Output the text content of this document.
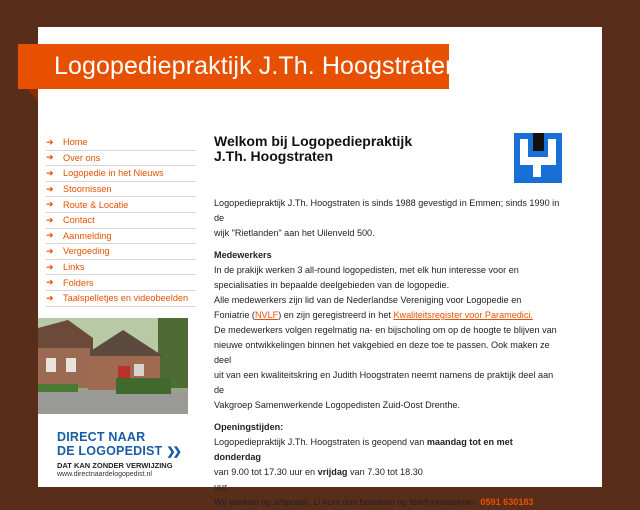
Logopediepraktijk J.Th. Hoogstraten
➜	Home
➜	Over ons
➜	Logopedie in het Nieuws
➜	Stoornissen
➜	Route & Locatie
➜	Contact
➜	Aanmelding
➜	Vergoeding
➜	Links
➜	Folders
➜	Taalspelletjes en videobeelden
DIRECT NAAR
DE LOGOPEDIST ❯❯
DAT KAN ZONDER VERWIJZING
www.directnaardelogopedist.nl
Welkom bij Logopediepraktijk
J.Th. Hoogstraten
Logopediepraktijk J.Th. Hoogstraten is sinds 1988 gevestigd in Emmen; sinds 1990 in de
wijk "Rietlanden" aan het Uilenveld 500.
Medewerkers
In de prakijk werken 3 all-round logopedisten, met elk hun interesse voor en
specialisaties in bepaalde deelgebieden van de logopedie.
Alle medewerkers zijn lid van de Nederlandse Vereniging voor Logopedie en
Foniatrie (NVLF) en zijn geregistreerd in het Kwaliteitsregister voor Paramedici.
De medewerkers volgen regelmatig na- en bijscholing om op de hoogte te blijven van
nieuwe ontwikkelingen binnen het vakgebied en deze toe te passen. Ook maken ze deel
uit van een kwaliteitskring en Judith Hoogstraten neemt namens de praktijk deel aan de
Vakgroep Samenwerkende Logopedisten Zuid-Oost Drenthe.
Openingstijden:
Logopediepraktijk J.Th. Hoogstraten is geopend van maandag tot en met donderdag
van 9.00 tot 17.30 uur en vrijdag van 7.30 tot 18.30
uur.
Wij werken op afspraak. U kunt ons bereiken op telefoonnummer: 0591 630183
